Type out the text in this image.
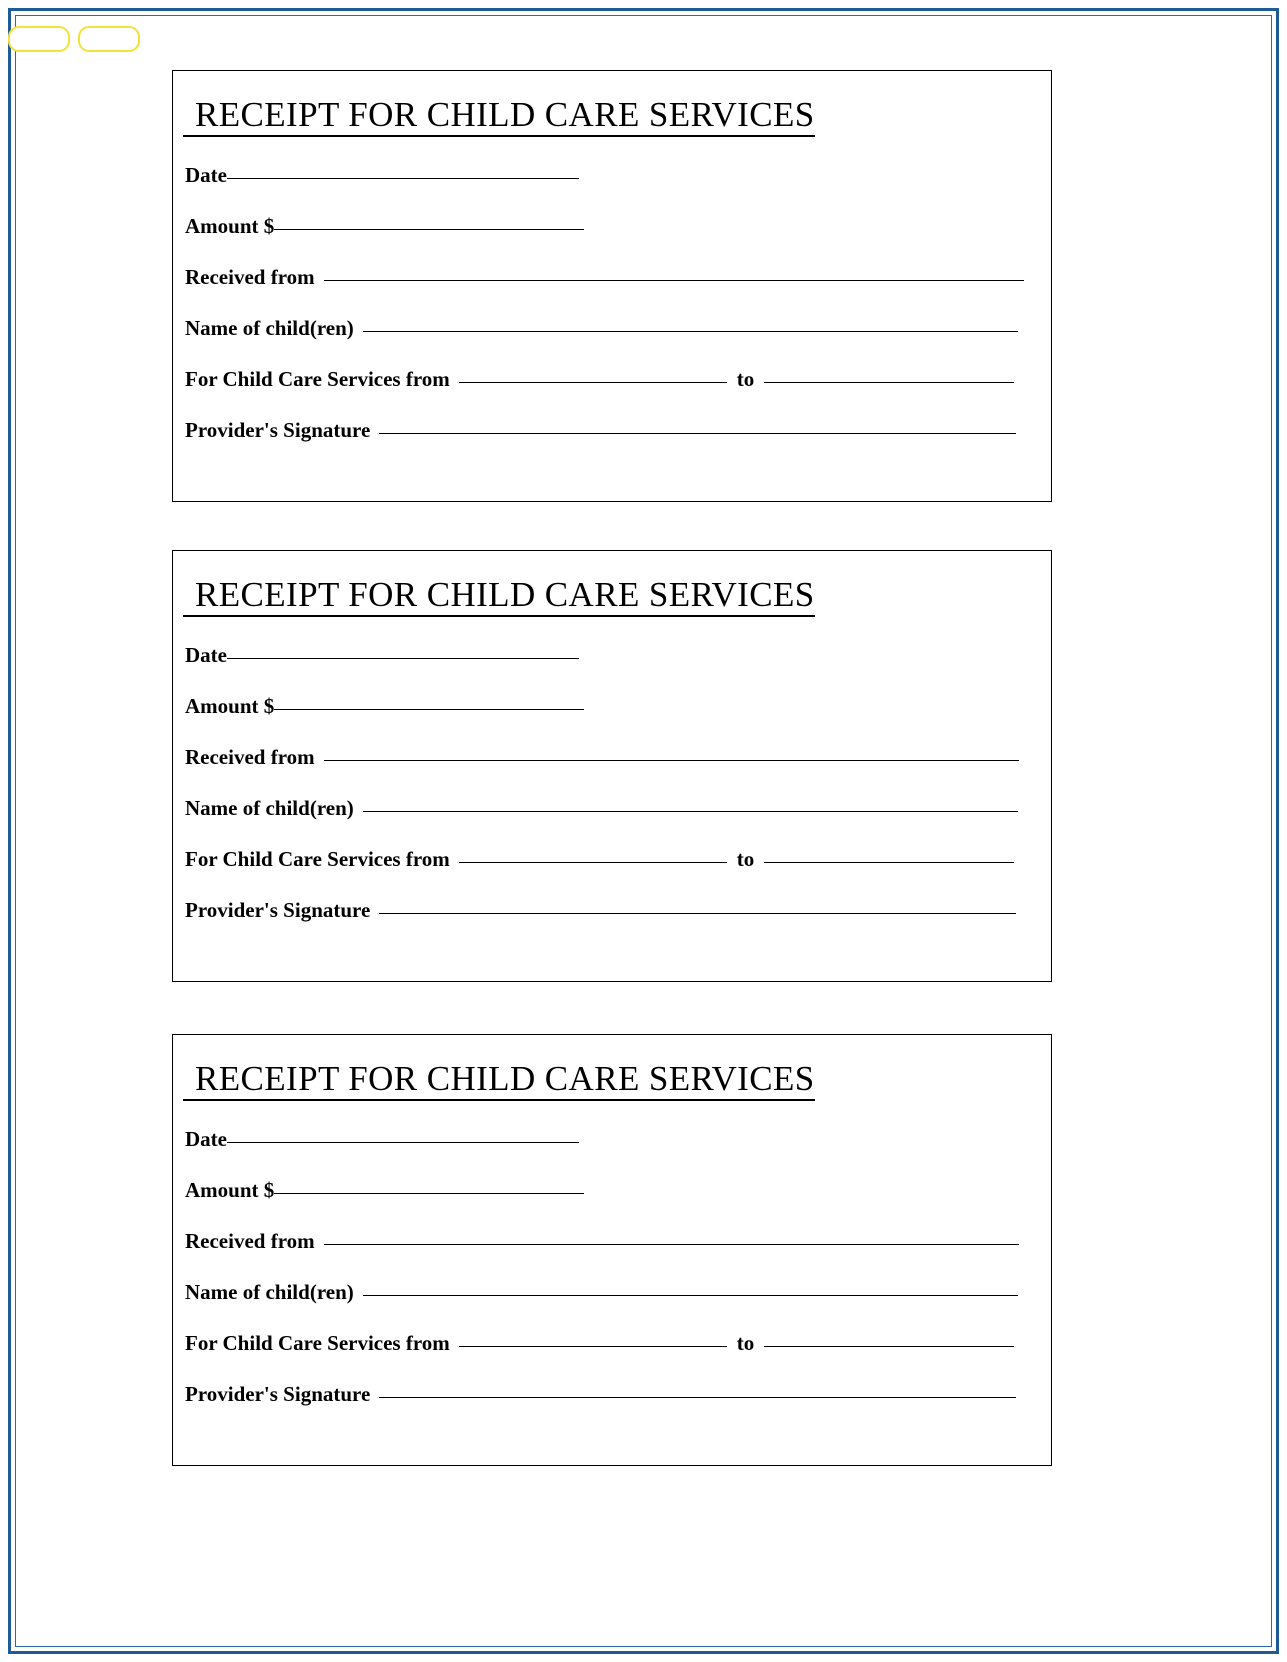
RECEIPT FOR CHILD CARE SERVICES
Date
Amount $
Received from
Name of child(ren)
For Child Care Services from	to
Provider's Signature
RECEIPT FOR CHILD CARE SERVICES
Date
Amount $
Received from
Name of child(ren)
For Child Care Services from	to
Provider's Signature
RECEIPT FOR CHILD CARE SERVICES
Date
Amount $
Received from
Name of child(ren)
For Child Care Services from	to
Provider's Signature
